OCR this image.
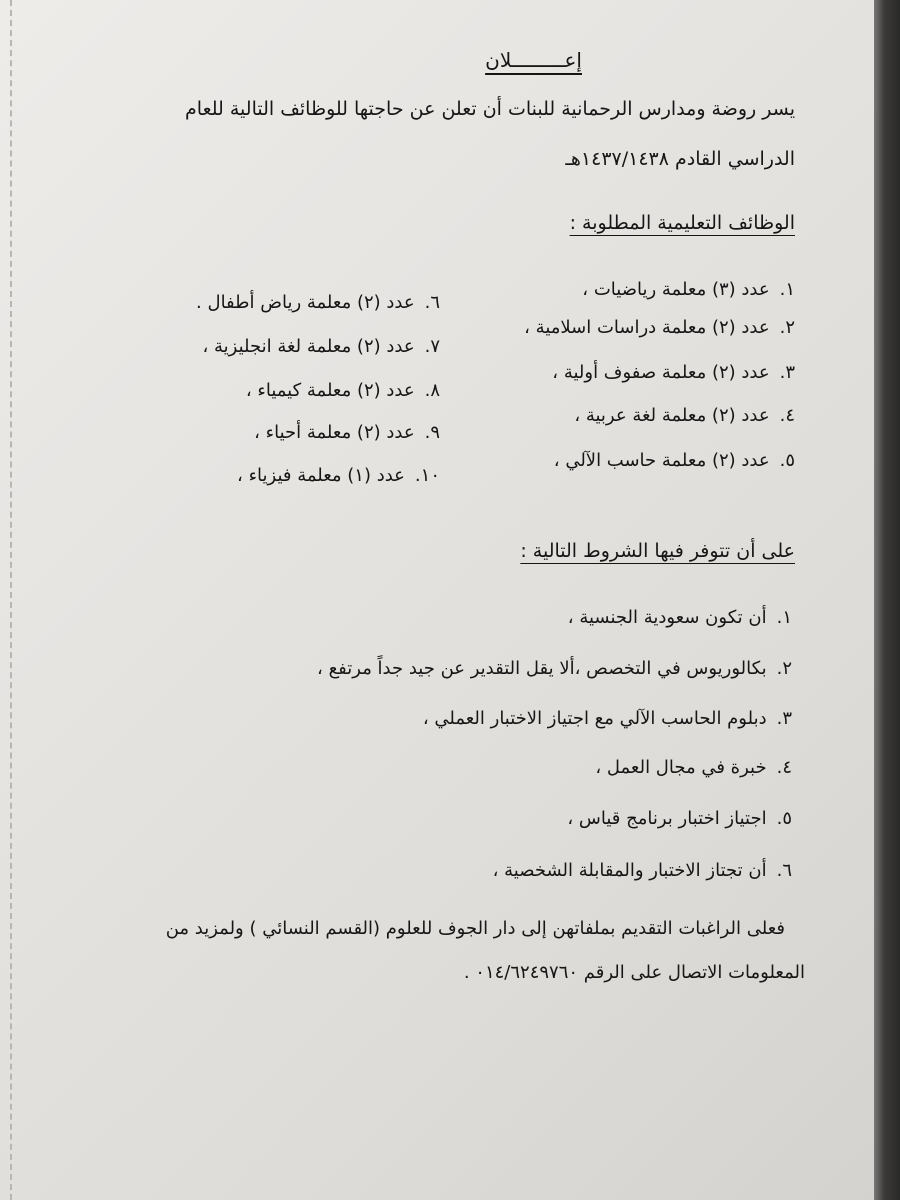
إعـــــــــلان
يسر روضة ومدارس الرحمانية للبنات أن تعلن عن حاجتها للوظائف التالية للعام
الدراسي القادم ١٤٣٧/١٤٣٨هـ
الوظائف التعليمية المطلوبة :
١.عدد (٣) معلمة رياضيات ،
٢.عدد (٢) معلمة دراسات اسلامية ،
٣.عدد (٢) معلمة صفوف أولية ،
٤.عدد (٢) معلمة لغة عربية ،
٥.عدد (٢) معلمة حاسب الآلي ،
٦.عدد (٢) معلمة رياض أطفال .
٧.عدد (٢) معلمة لغة انجليزية ،
٨.عدد (٢) معلمة كيمياء ،
٩.عدد (٢) معلمة أحياء ،
١٠.عدد (١) معلمة فيزياء ،
على أن تتوفر فيها الشروط التالية :
١.أن تكون سعودية الجنسية ،
٢.بكالوريوس في التخصص ،ألا يقل التقدير عن جيد جداً مرتفع ،
٣.دبلوم الحاسب الآلي مع اجتياز الاختبار العملي ،
٤.خبرة في مجال العمل ،
٥.اجتياز اختبار برنامج قياس ،
٦.أن تجتاز الاختبار والمقابلة الشخصية ،
فعلى الراغبات التقديم بملفاتهن إلى دار الجوف للعلوم (القسم النسائي ) ولمزيد من
المعلومات الاتصال على الرقم ٠١٤/٦٢٤٩٧٦٠ .
